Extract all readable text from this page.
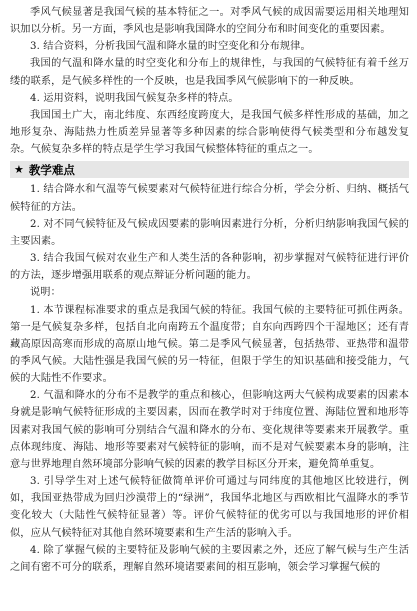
季风气候显著是我国气候的基本特征之一。对季风气候的成因需要运用相关地理知识加以分析。另一方面，季风也是影响我国降水的空间分布和时间变化的重要因素。

3. 结合资料，分析我国气温和降水量的时空变化和分布规律。

我国的气温和降水量的时空变化和分布上的规律性，与我国的气候特征有着千丝万缕的联系，是气候多样性的一个反映，也是我国季风气候影响下的一种反映。

4. 运用资料，说明我国气候复杂多样的特点。

我国国土广大，南北纬度、东西经度跨度大，是我国气候多样性形成的基础，加之地形复杂、海陆热力性质差异显著等多种因素的综合影响使得气候类型和分布越发复杂。气候复杂多样的特点是学生学习我国气候整体特征的重点之一。

★ 教学难点

1. 结合降水和气温等气候要素对气候特征进行综合分析，学会分析、归纳、概括气候特征的方法。

2. 对不同气候特征及气候成因要素的影响因素进行分析，分析归纳影响我国气候的主要因素。

3. 结合我国气候对农业生产和人类生活的各种影响，初步掌握对气候特征进行评价的方法，逐步增强用联系的观点辩证分析问题的能力。

说明：

1. 本节课程标准要求的重点是我国气候的特征。我国气候的主要特征可抓住两条。第一是气候复杂多样，包括自北向南跨五个温度带；自东向西跨四个干湿地区；还有青藏高原因高寒而形成的高原山地气候。第二是季风气候显著，包括热带、亚热带和温带的季风气候。大陆性强是我国气候的另一特征，但限于学生的知识基础和接受能力，气候的大陆性不作要求。

2. 气温和降水的分布不是教学的重点和核心，但影响这两大气候构成要素的因素本身就是影响气候特征形成的主要因素，因而在教学时对于纬度位置、海陆位置和地形等因素对我国气候的影响可分别结合气温和降水的分布、变化规律等要素来开展教学。重点体现纬度、海陆、地形等要素对气候特征的影响，而不是对气候要素本身的影响，注意与世界地理自然环境部分影响气候的因素的教学目标区分开来，避免简单重复。

3. 引导学生对上述气候特征做简单评价可通过与同纬度的其他地区比较进行，例如，我国亚热带成为回归沙漠带上的“绿洲”，我国华北地区与西欧相比气温降水的季节变化较大（大陆性气候特征显著）等。评价气候特征的优劣可以与我国地形的评价相似，应从气候特征对其他自然环境要素和生产生活的影响入手。

4. 除了掌握气候的主要特征及影响气候的主要因素之外，还应了解气候与生产生活之间有密不可分的联系，理解自然环境诸要素间的相互影响，领会学习掌握气候的
